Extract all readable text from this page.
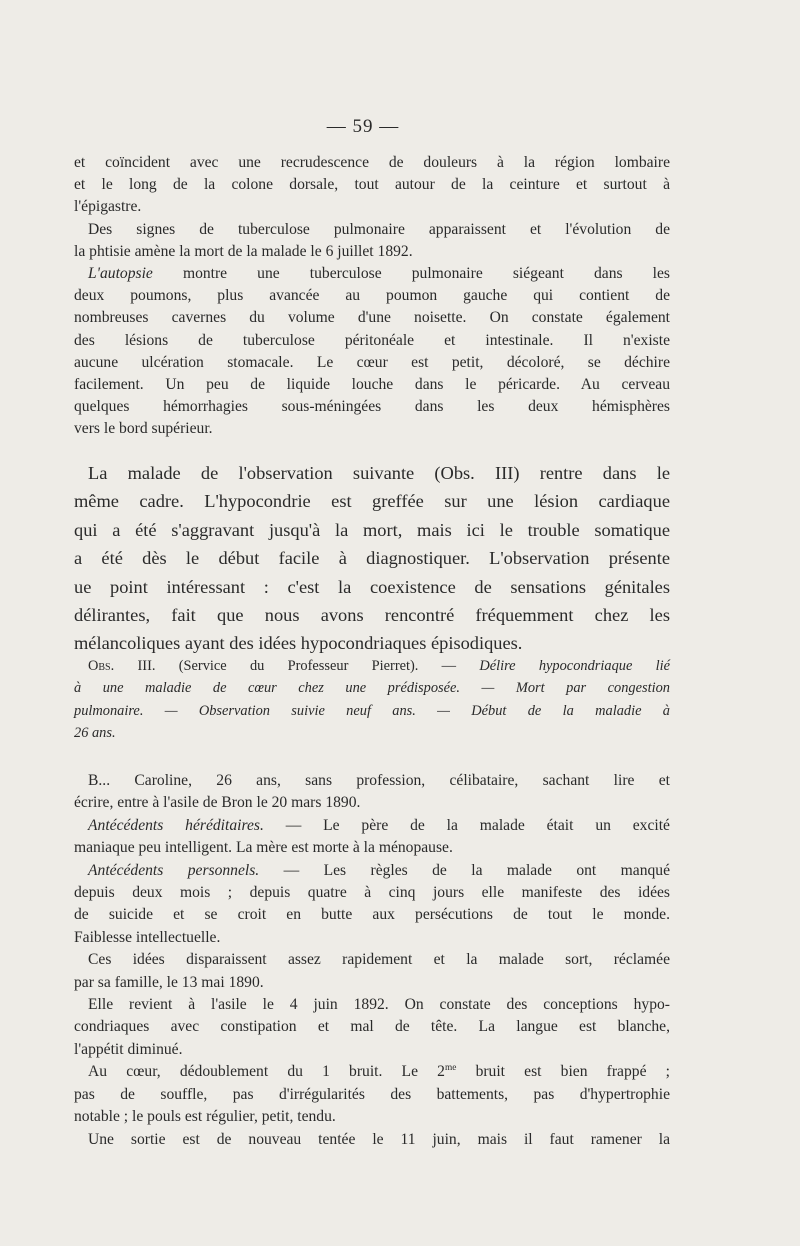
— 59 —
et coïncident avec une recrudescence de douleurs à la région lombaire
et le long de la colone dorsale, tout autour de la ceinture et surtout à
l'épigastre.
Des signes de tuberculose pulmonaire apparaissent et l'évolution de
la phtisie amène la mort de la malade le 6 juillet 1892.
L'autopsie montre une tuberculose pulmonaire siégeant dans les
deux poumons, plus avancée au poumon gauche qui contient de
nombreuses cavernes du volume d'une noisette. On constate également
des lésions de tuberculose péritonéale et intestinale. Il n'existe
aucune ulcération stomacale. Le cœur est petit, décoloré, se déchire
facilement. Un peu de liquide louche dans le péricarde. Au cerveau
quelques hémorrhagies sous-méningées dans les deux hémisphères
vers le bord supérieur.
La malade de l'observation suivante (Obs. III) rentre dans le
même cadre. L'hypocondrie est greffée sur une lésion cardiaque
qui a été s'aggravant jusqu'à la mort, mais ici le trouble somatique
a été dès le début facile à diagnostiquer. L'observation présente
ue point intéressant : c'est la coexistence de sensations génitales
délirantes, fait que nous avons rencontré fréquemment chez les
mélancoliques ayant des idées hypocondriaques épisodiques.
Obs. III. (Service du Professeur Pierret). — Délire hypocondriaque lié
à une maladie de cœur chez une prédisposée. — Mort par congestion
pulmonaire. — Observation suivie neuf ans. — Début de la maladie à
26 ans.
B... Caroline, 26 ans, sans profession, célibataire, sachant lire et
écrire, entre à l'asile de Bron le 20 mars 1890.
Antécédents héréditaires. — Le père de la malade était un excité
maniaque peu intelligent. La mère est morte à la ménopause.
Antécédents personnels. — Les règles de la malade ont manqué
depuis deux mois ; depuis quatre à cinq jours elle manifeste des idées
de suicide et se croit en butte aux persécutions de tout le monde.
Faiblesse intellectuelle.
Ces idées disparaissent assez rapidement et la malade sort, réclamée
par sa famille, le 13 mai 1890.
Elle revient à l'asile le 4 juin 1892. On constate des conceptions hypo-
condriaques avec constipation et mal de tête. La langue est blanche,
l'appétit diminué.
Au cœur, dédoublement du 1 bruit. Le $2^{me}$ bruit est bien frappé ;
pas de souffle, pas d'irrégularités des battements, pas d'hypertrophie
notable ; le pouls est régulier, petit, tendu.
Une sortie est de nouveau tentée le 11 juin, mais il faut ramener la
